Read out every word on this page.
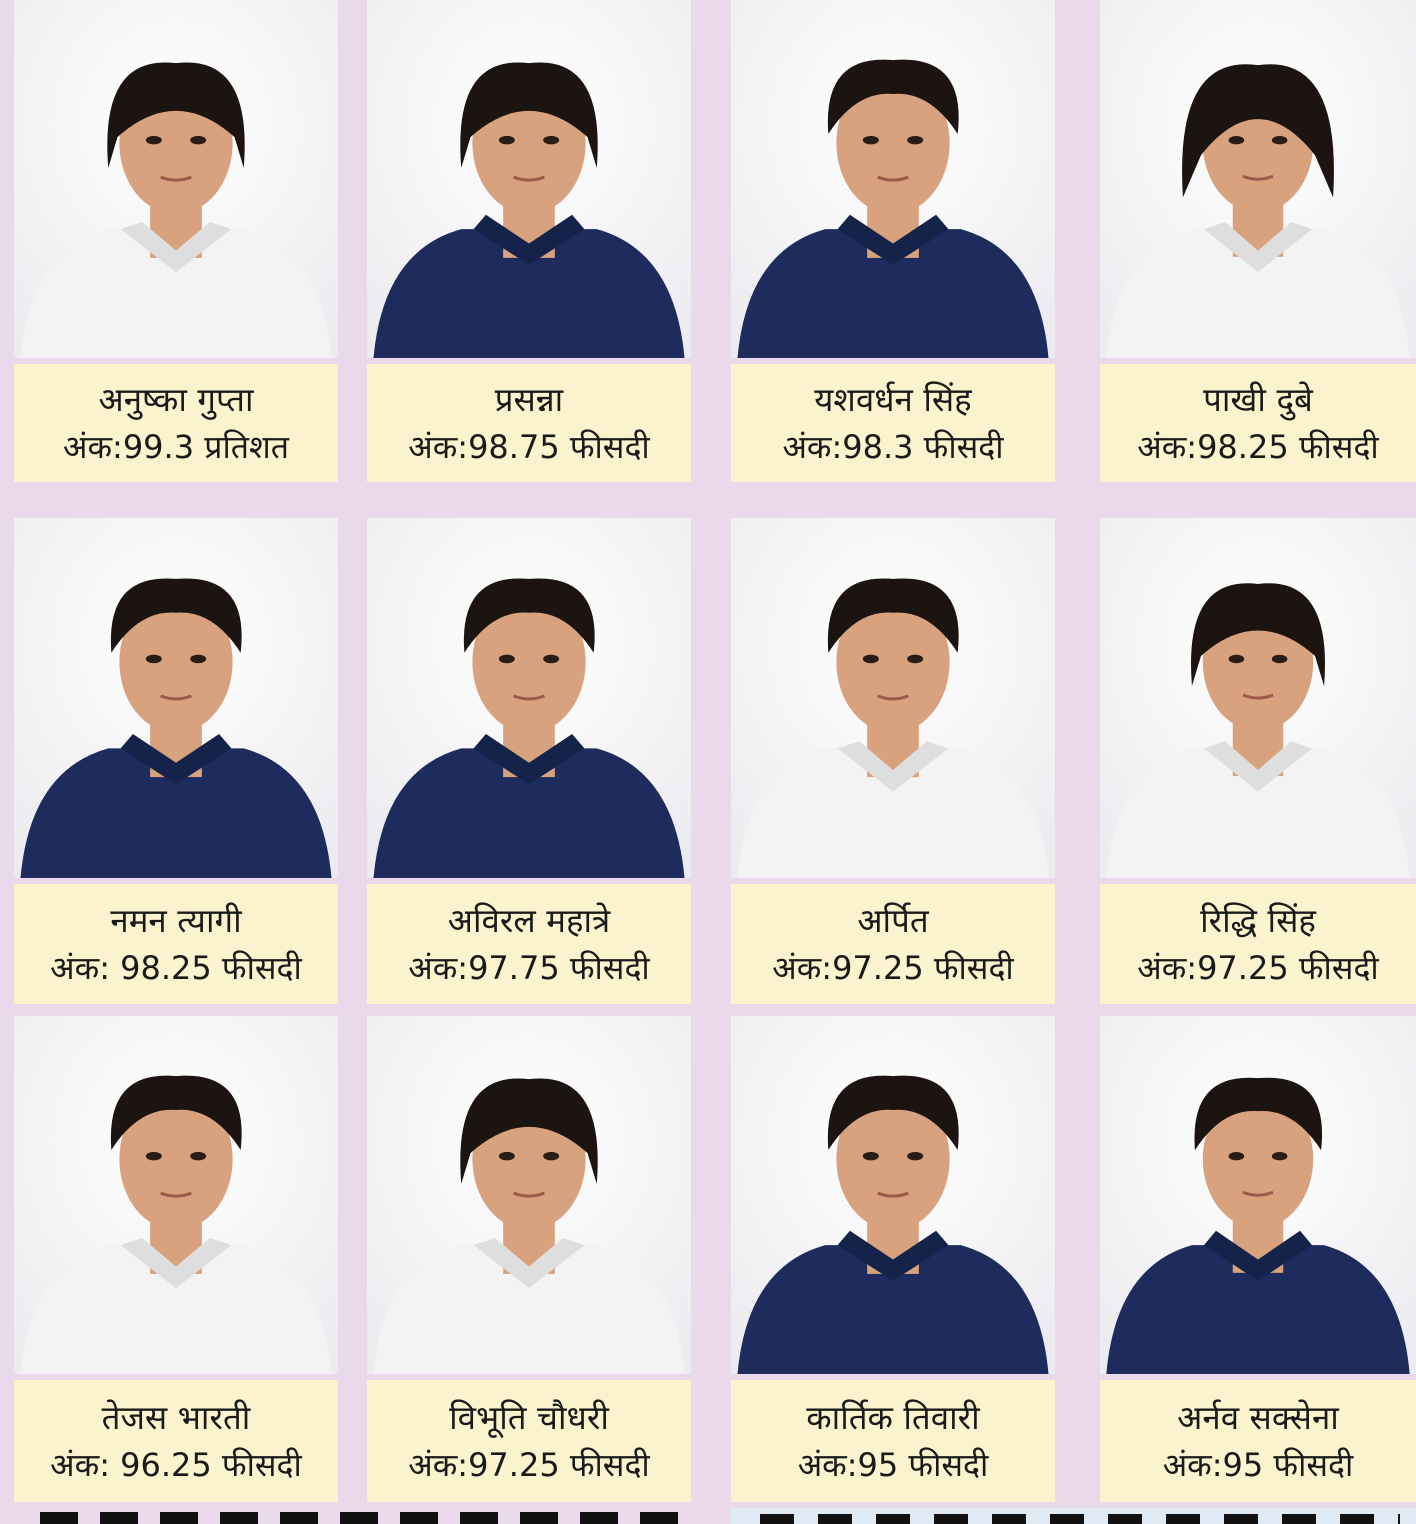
अनुष्का गुप्ता
अंक:99.3 प्रतिशत
प्रसन्ना
अंक:98.75 फीसदी
यशवर्धन सिंह
अंक:98.3 फीसदी
पाखी दुबे
अंक:98.25 फीसदी
नमन त्यागी
अंक: 98.25 फीसदी
अविरल महात्रे
अंक:97.75 फीसदी
अर्पित
अंक:97.25 फीसदी
रिद्धि सिंह
अंक:97.25 फीसदी
तेजस भारती
अंक: 96.25 फीसदी
विभूति चौधरी
अंक:97.25 फीसदी
कार्तिक तिवारी
अंक:95 फीसदी
अर्नव सक्सेना
अंक:95 फीसदी
